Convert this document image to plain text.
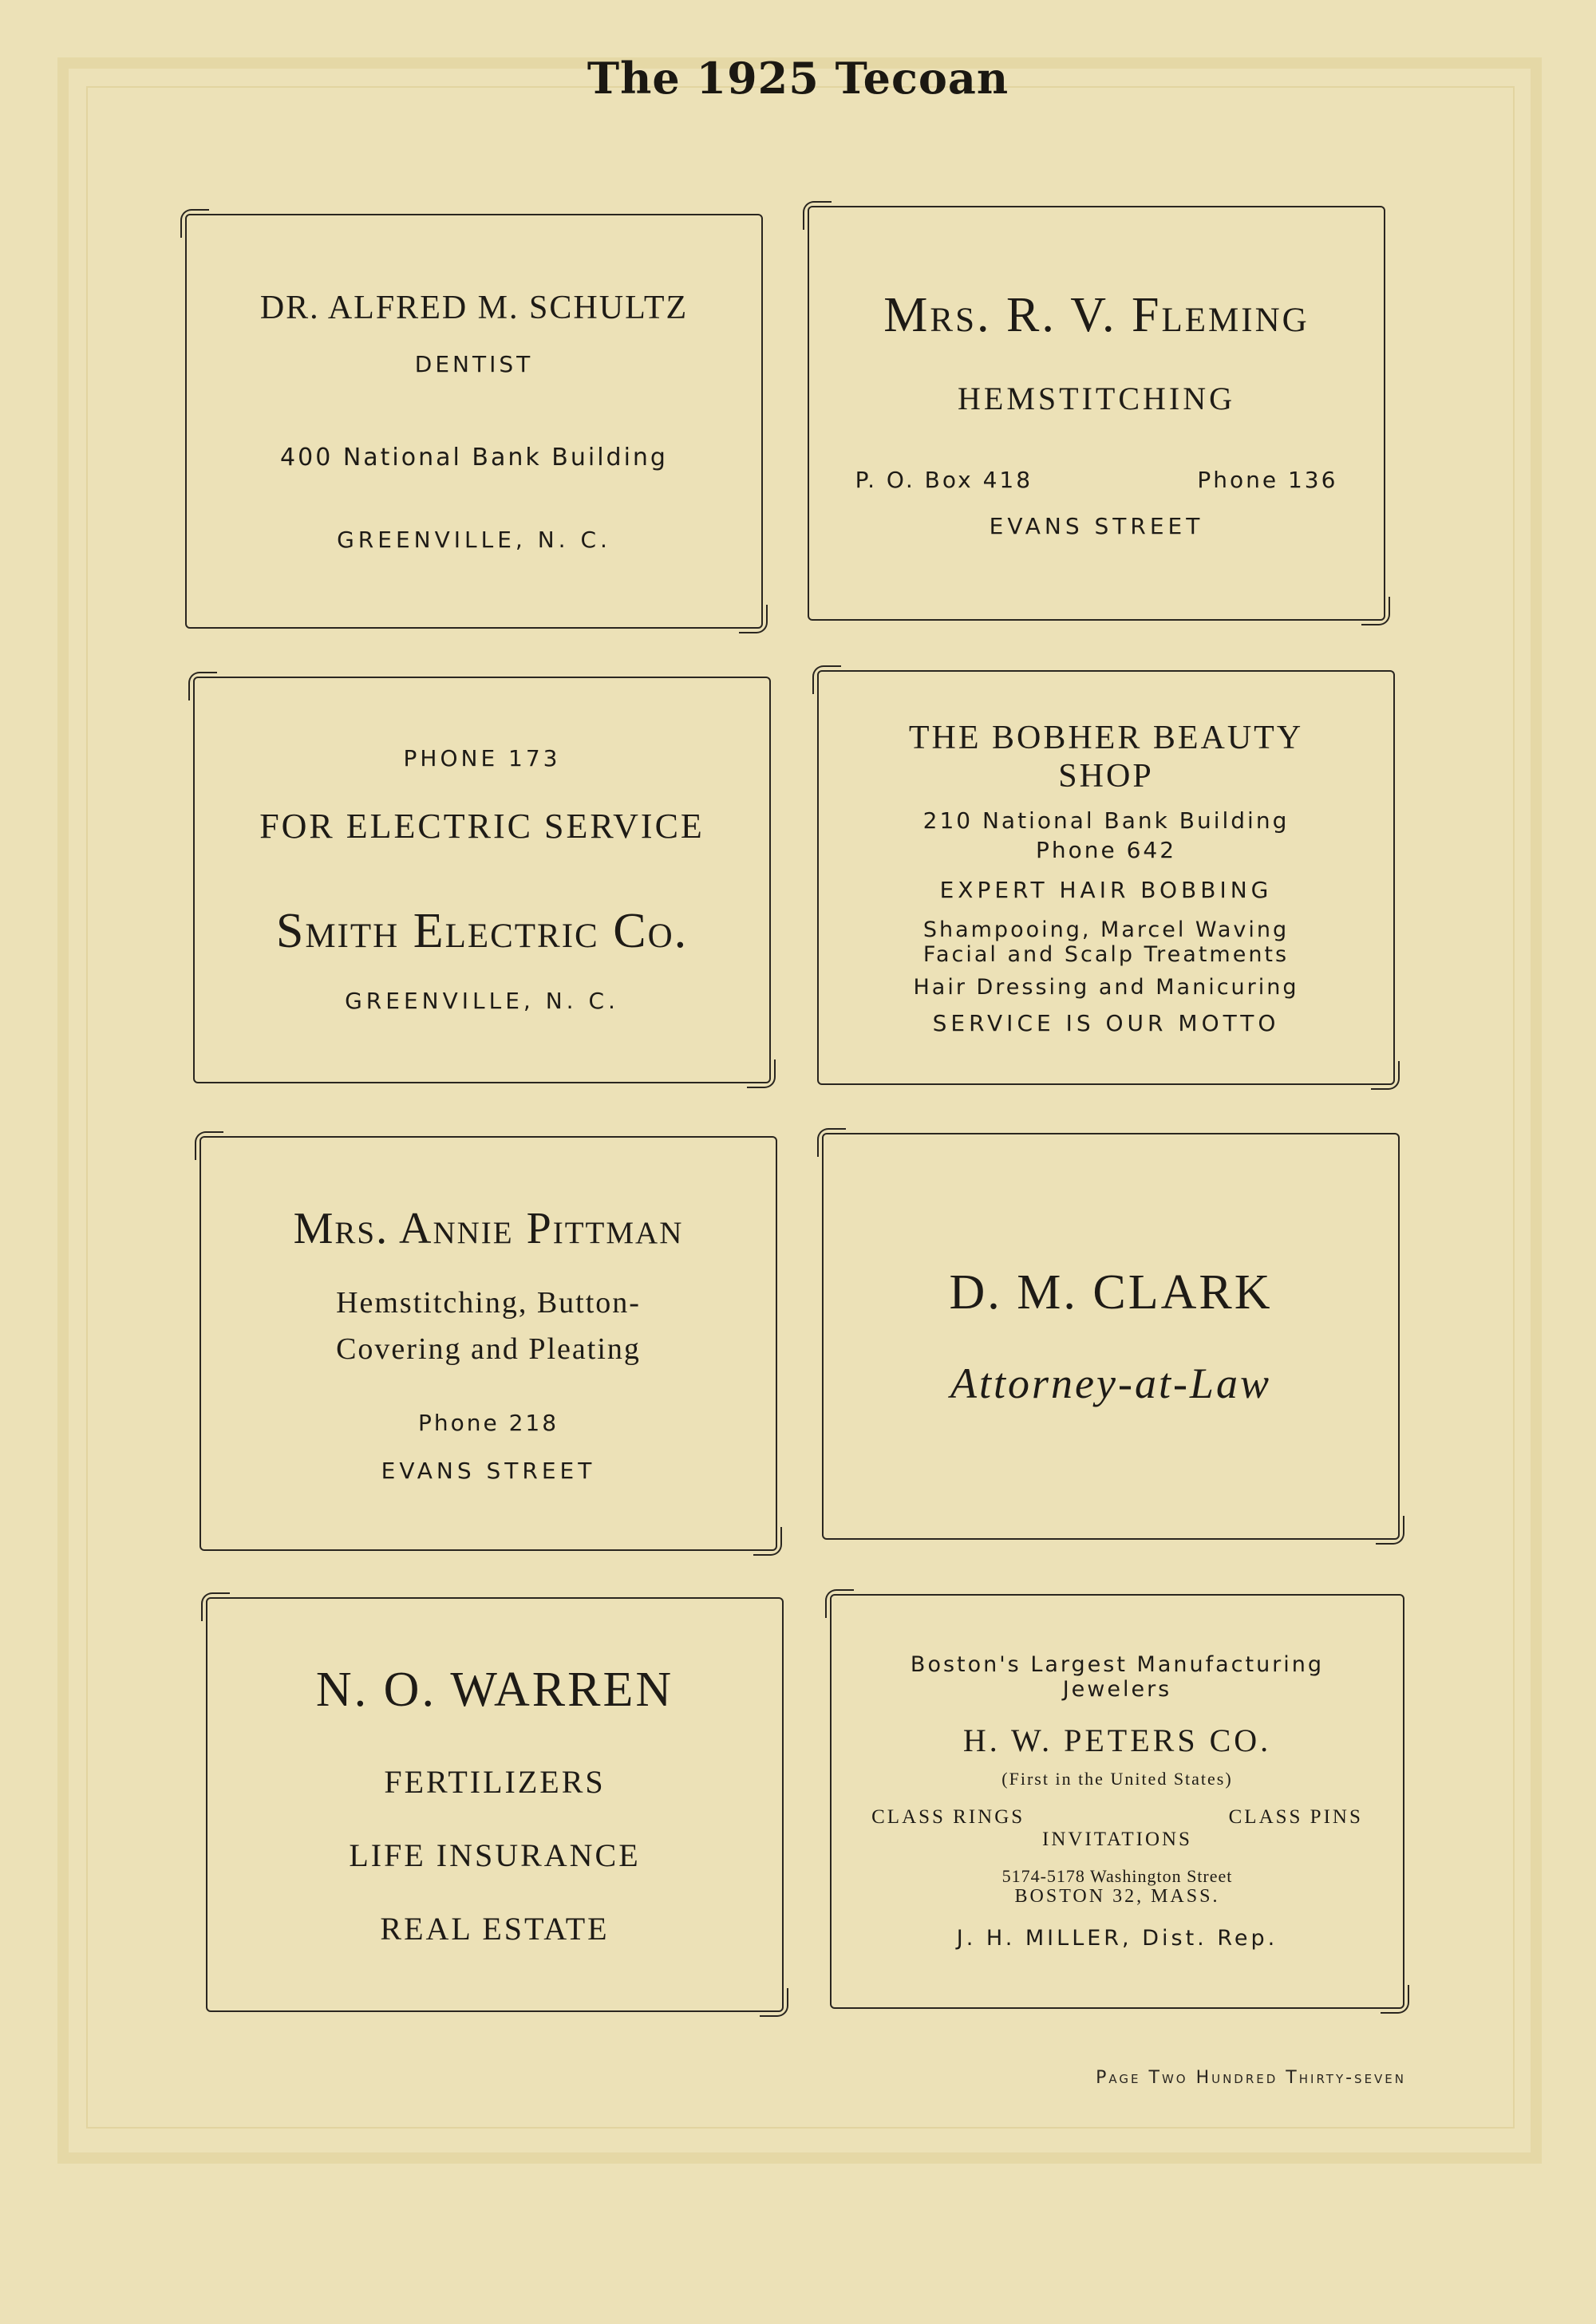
The 1925 Tecoan

DR. ALFRED M. SCHULTZ

DENTIST

400 National Bank Building

GREENVILLE, N. C.

Mrs. R. V. Fleming

HEMSTITCHING

P. O. Box 418	Phone 136

EVANS STREET

PHONE 173

FOR ELECTRIC SERVICE

Smith Electric Co.

GREENVILLE, N. C.

THE BOBHER BEAUTY SHOP

210 National Bank Building

Phone 642

EXPERT HAIR BOBBING

Shampooing, Marcel Waving

Facial and Scalp Treatments

Hair Dressing and Manicuring

SERVICE IS OUR MOTTO

Mrs. Annie Pittman

Hemstitching, Button-

Covering and Pleating

Phone 218

EVANS STREET

D. M. CLARK

Attorney-at-Law

N. O. WARREN

FERTILIZERS

LIFE INSURANCE

REAL ESTATE

Boston's Largest Manufacturing Jewelers

H. W. PETERS CO.

(First in the United States)

CLASS RINGS	CLASS PINS

INVITATIONS

5174-5178 Washington Street

BOSTON 32, MASS.

J. H. MILLER, Dist. Rep.

Page Two Hundred Thirty-seven
